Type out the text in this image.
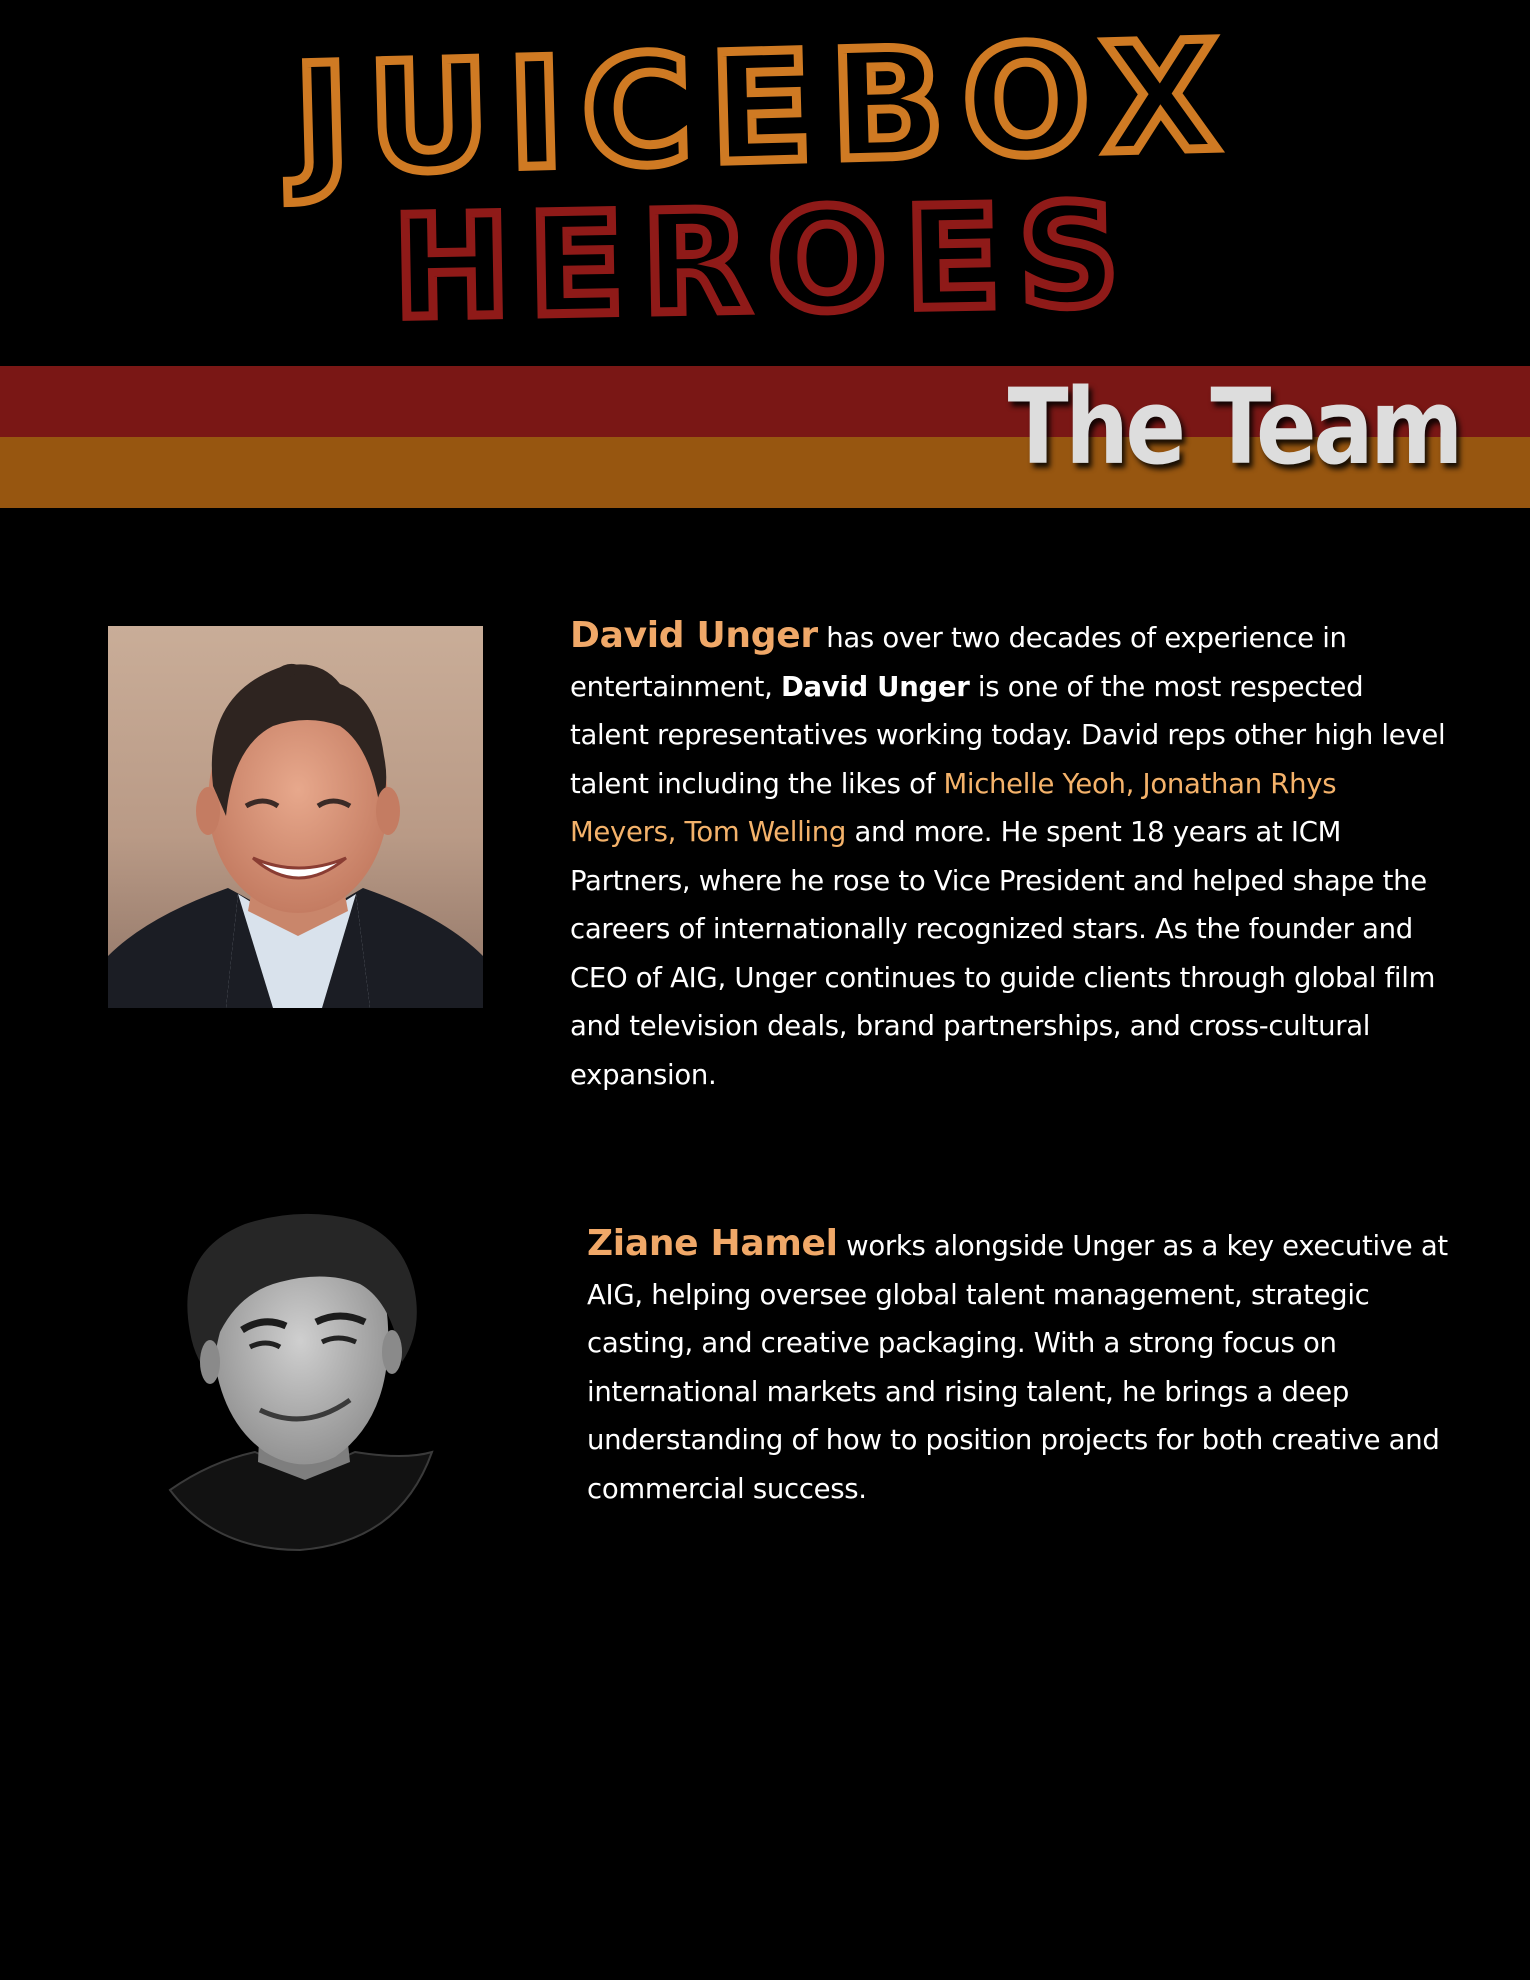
JUICEBOX
HEROES
The Team

David Unger has over two decades of experience in entertainment, David Unger is one of the most respected talent representatives working today. David reps other high level talent including the likes of Michelle Yeoh, Jonathan Rhys Meyers, Tom Welling and more. He spent 18 years at ICM Partners, where he rose to Vice President and helped shape the careers of internationally recognized stars. As the founder and CEO of AIG, Unger continues to guide clients through global film and television deals, brand partnerships, and cross-cultural expansion.

Ziane Hamel works alongside Unger as a key executive at AIG, helping oversee global talent management, strategic casting, and creative packaging. With a strong focus on international markets and rising talent, he brings a deep understanding of how to position projects for both creative and commercial success.
